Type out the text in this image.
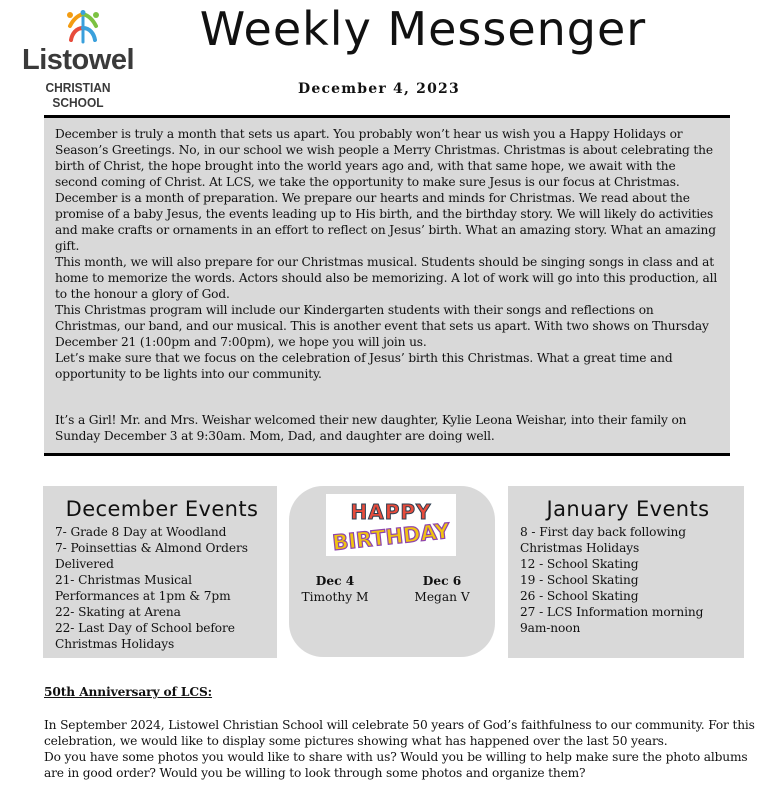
Listowel
CHRISTIAN SCHOOL
Weekly Messenger
December 4, 2023

December is truly a month that sets us apart. You probably won’t hear us wish you a Happy Holidays or Season’s Greetings. No, in our school we wish people a Merry Christmas. Christmas is about celebrating the birth of Christ, the hope brought into the world years ago and, with that same hope, we await with the second coming of Christ. At LCS, we take the opportunity to make sure Jesus is our focus at Christmas.

December is a month of preparation. We prepare our hearts and minds for Christmas. We read about the promise of a baby Jesus, the events leading up to His birth, and the birthday story. We will likely do activities and make crafts or ornaments in an effort to reflect on Jesus’ birth. What an amazing story. What an amazing gift.

This month, we will also prepare for our Christmas musical. Students should be singing songs in class and at home to memorize the words. Actors should also be memorizing. A lot of work will go into this production, all to the honour a glory of God.

This Christmas program will include our Kindergarten students with their songs and reflections on Christmas, our band, and our musical. This is another event that sets us apart. With two shows on Thursday December 21 (1:00pm and 7:00pm), we hope you will join us.

Let’s make sure that we focus on the celebration of Jesus’ birth this Christmas. What a great time and opportunity to be lights into our community.

It’s a Girl! Mr. and Mrs. Weishar welcomed their new daughter, Kylie Leona Weishar, into their family on Sunday December 3 at 9:30am. Mom, Dad, and daughter are doing well.

December Events
7- Grade 8 Day at Woodland
7- Poinsettias & Almond Orders Delivered
21- Christmas Musical Performances at 1pm & 7pm
22- Skating at Arena
22- Last Day of School before Christmas Holidays
HAPPY
BIRTHDAY
Dec 4
Timothy M
Dec 6
Megan V
January Events
8 - First day back following Christmas Holidays
12 - School Skating
19 - School Skating
26 - School Skating
27 - LCS Information morning 9am-noon
50th Anniversary of LCS:
In September 2024, Listowel Christian School will celebrate 50 years of God’s faithfulness to our community. For this celebration, we would like to display some pictures showing what has happened over the last 50 years.
Do you have some photos you would like to share with us? Would you be willing to help make sure the photo albums are in good order? Would you be willing to look through some photos and organize them?
